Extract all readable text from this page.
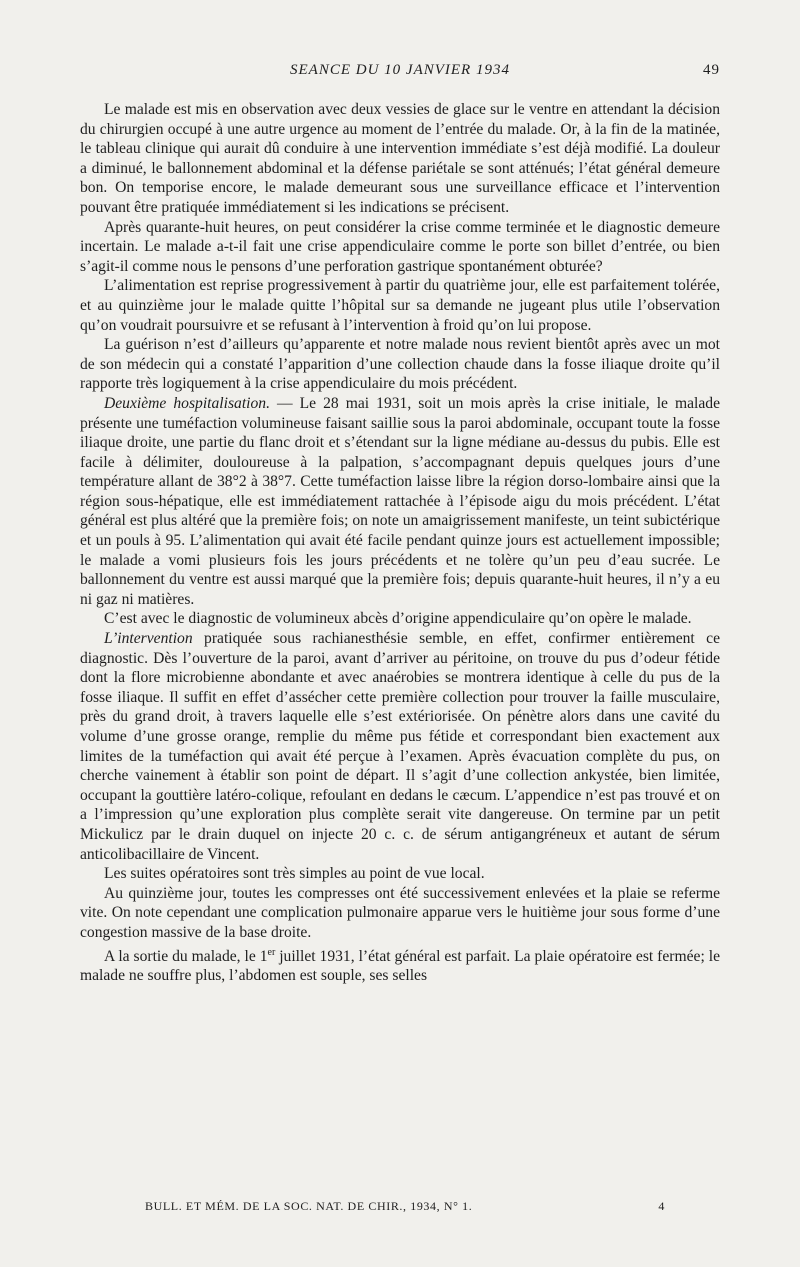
SEANCE DU 10 JANVIER 1934	49

Le malade est mis en observation avec deux vessies de glace sur le ventre en attendant la décision du chirurgien occupé à une autre urgence au moment de l’entrée du malade. Or, à la fin de la matinée, le tableau clinique qui aurait dû conduire à une intervention immédiate s’est déjà modifié. La douleur a diminué, le ballonnement abdominal et la défense pariétale se sont atténués; l’état général demeure bon. On temporise encore, le malade demeurant sous une surveillance efficace et l’intervention pouvant être pratiquée immédiatement si les indications se précisent.

Après quarante-huit heures, on peut considérer la crise comme terminée et le diagnostic demeure incertain. Le malade a-t-il fait une crise appendiculaire comme le porte son billet d’entrée, ou bien s’agit-il comme nous le pensons d’une perforation gastrique spontanément obturée?

L’alimentation est reprise progressivement à partir du quatrième jour, elle est parfaitement tolérée, et au quinzième jour le malade quitte l’hôpital sur sa demande ne jugeant plus utile l’observation qu’on voudrait poursuivre et se refusant à l’intervention à froid qu’on lui propose.

La guérison n’est d’ailleurs qu’apparente et notre malade nous revient bientôt après avec un mot de son médecin qui a constaté l’apparition d’une collection chaude dans la fosse iliaque droite qu’il rapporte très logiquement à la crise appendiculaire du mois précédent.

Deuxième hospitalisation. — Le 28 mai 1931, soit un mois après la crise initiale, le malade présente une tuméfaction volumineuse faisant saillie sous la paroi abdominale, occupant toute la fosse iliaque droite, une partie du flanc droit et s’étendant sur la ligne médiane au-dessus du pubis. Elle est facile à délimiter, douloureuse à la palpation, s’accompagnant depuis quelques jours d’une température allant de 38°2 à 38°7. Cette tuméfaction laisse libre la région dorso-lombaire ainsi que la région sous-hépatique, elle est immédiatement rattachée à l’épisode aigu du mois précédent. L’état général est plus altéré que la première fois; on note un amaigrissement manifeste, un teint subictérique et un pouls à 95. L’alimentation qui avait été facile pendant quinze jours est actuellement impossible; le malade a vomi plusieurs fois les jours précédents et ne tolère qu’un peu d’eau sucrée. Le ballonnement du ventre est aussi marqué que la première fois; depuis quarante-huit heures, il n’y a eu ni gaz ni matières.

C’est avec le diagnostic de volumineux abcès d’origine appendiculaire qu’on opère le malade.

L’intervention pratiquée sous rachianesthésie semble, en effet, confirmer entièrement ce diagnostic. Dès l’ouverture de la paroi, avant d’arriver au péritoine, on trouve du pus d’odeur fétide dont la flore microbienne abondante et avec anaérobies se montrera identique à celle du pus de la fosse iliaque. Il suffit en effet d’assécher cette première collection pour trouver la faille musculaire, près du grand droit, à travers laquelle elle s’est extériorisée. On pénètre alors dans une cavité du volume d’une grosse orange, remplie du même pus fétide et correspondant bien exactement aux limites de la tuméfaction qui avait été perçue à l’examen. Après évacuation complète du pus, on cherche vainement à établir son point de départ. Il s’agit d’une collection ankystée, bien limitée, occupant la gouttière latéro-colique, refoulant en dedans le cæcum. L’appendice n’est pas trouvé et on a l’impression qu’une exploration plus complète serait vite dangereuse. On termine par un petit Mickulicz par le drain duquel on injecte 20 c. c. de sérum antigangréneux et autant de sérum anticolibacillaire de Vincent.

Les suites opératoires sont très simples au point de vue local.

Au quinzième jour, toutes les compresses ont été successivement enlevées et la plaie se referme vite. On note cependant une complication pulmonaire apparue vers le huitième jour sous forme d’une congestion massive de la base droite.

A la sortie du malade, le 1er juillet 1931, l’état général est parfait. La plaie opératoire est fermée; le malade ne souffre plus, l’abdomen est souple, ses selles

BULL. ET MÉM. DE LA SOC. NAT. DE CHIR., 1934, N° 1.	4
